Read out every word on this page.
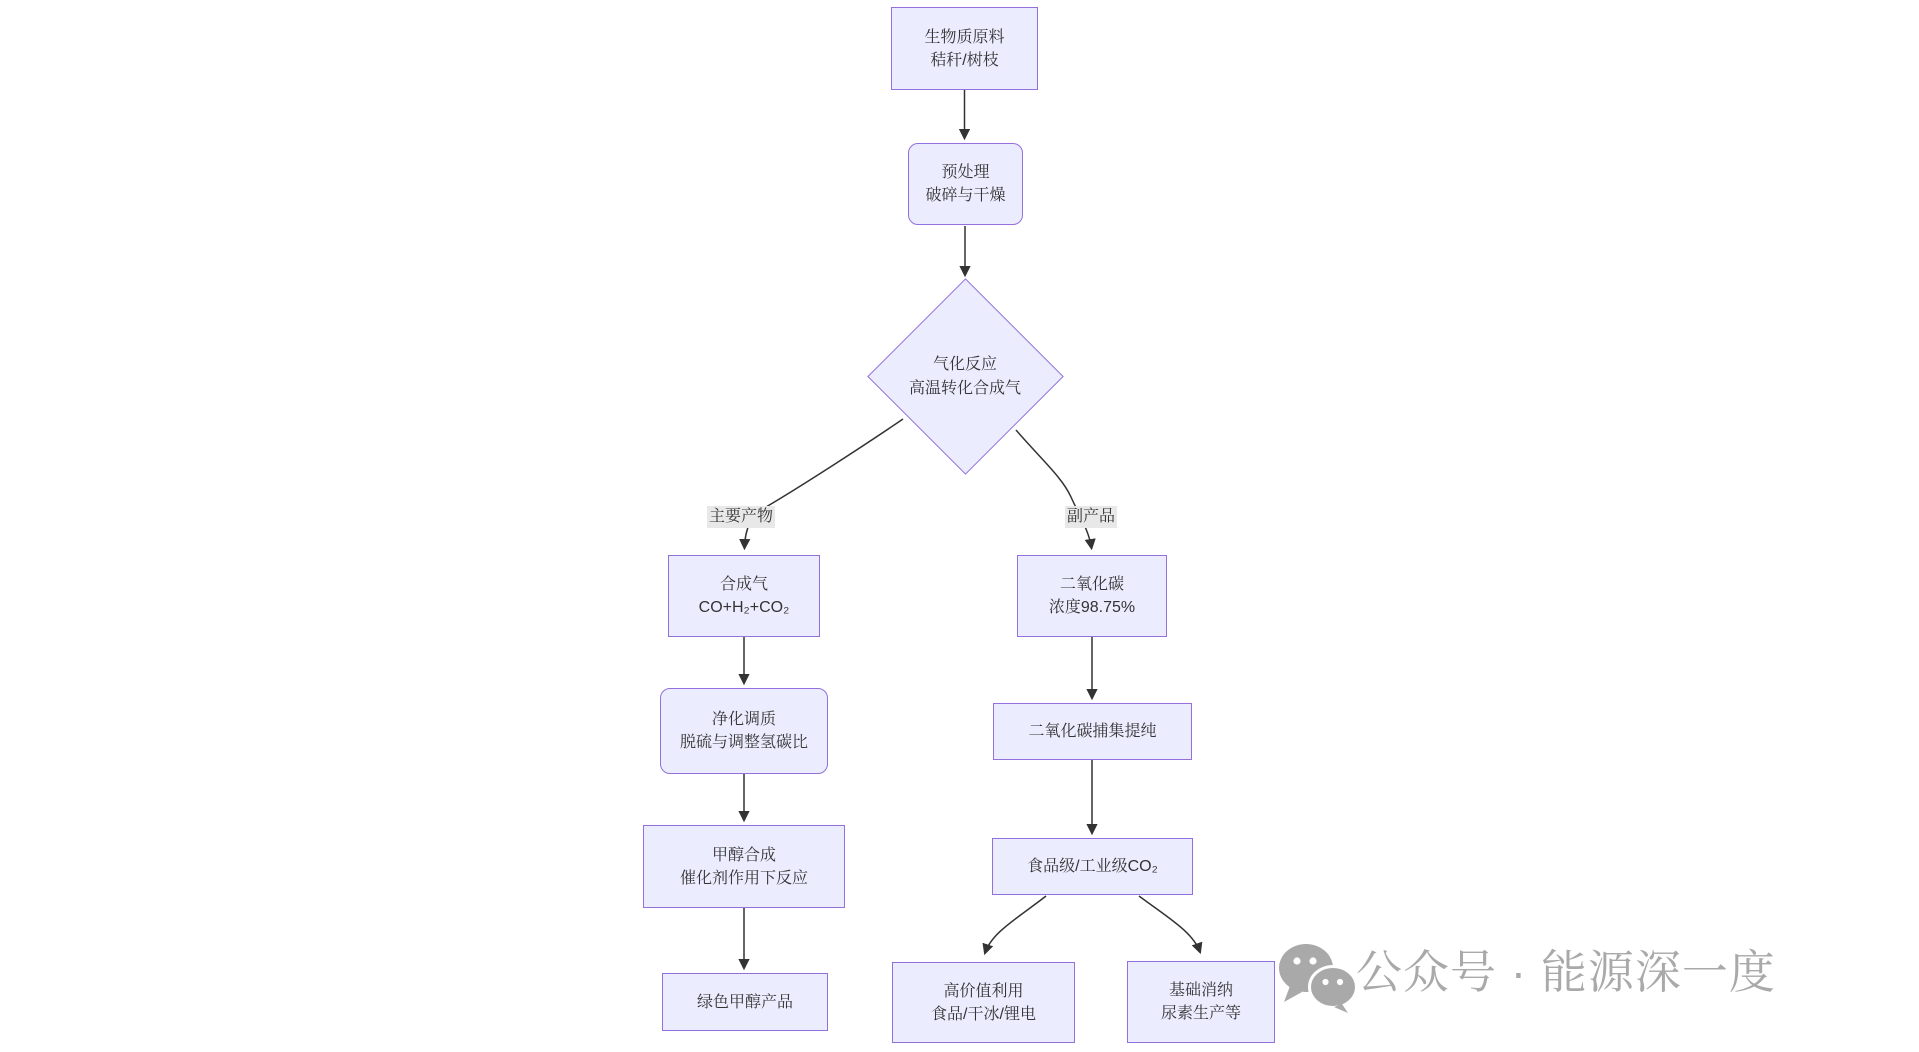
生物质原料
秸秆/树枝
预处理
破碎与干燥
气化反应
高温转化合成气
主要产物	副产品
合成气
CO+H₂+CO₂
二氧化碳
浓度98.75%
净化调质
脱硫与调整氢碳比
二氧化碳捕集提纯
甲醇合成
催化剂作用下反应
食品级/工业级CO₂
绿色甲醇产品
高价值利用
食品/干冰/锂电
基础消纳
尿素生产等
公众号 · 能源深一度
